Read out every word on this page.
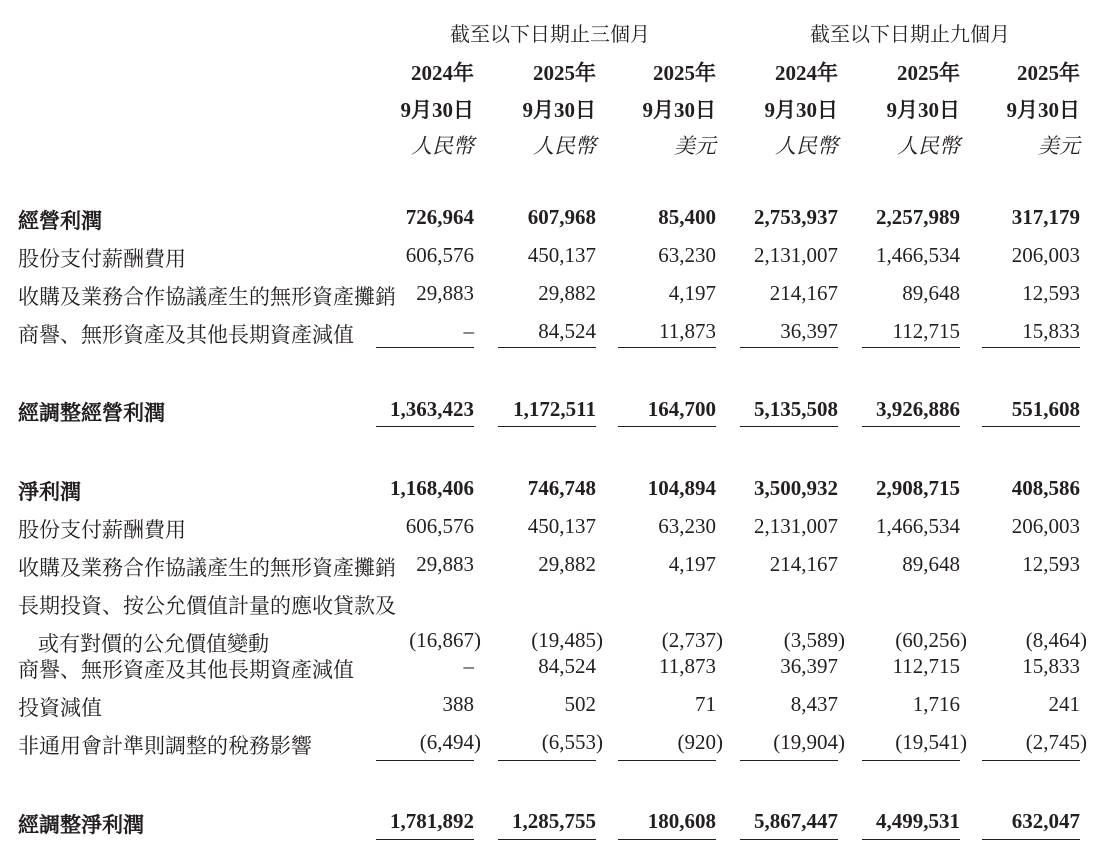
截至以下日期止三個月	截至以下日期止九個月
2024年	2025年	2025年	2024年	2025年	2025年
9月30日	9月30日	9月30日	9月30日	9月30日	9月30日
人民幣	人民幣	美元	人民幣	人民幣	美元
經營利潤	726,964	607,968	85,400	2,753,937	2,257,989	317,179
股份支付薪酬費用	606,576	450,137	63,230	2,131,007	1,466,534	206,003
收購及業務合作協議產生的無形資產攤銷 29,883	29,882	4,197	214,167	89,648	12,593
商譽、無形資產及其他長期資產減值	–	84,524	11,873	36,397	112,715	15,833
經調整經營利潤	1,363,423	1,172,511	164,700	5,135,508	3,926,886	551,608
淨利潤	1,168,406	746,748	104,894	3,500,932	2,908,715	408,586
股份支付薪酬費用	606,576	450,137	63,230	2,131,007	1,466,534	206,003
收購及業務合作協議產生的無形資產攤銷 29,883	29,882	4,197	214,167	89,648	12,593
長期投資、按公允價值計量的應收貸款及
或有對價的公允價值變動	(16,867)	(19,485)	(2,737)	(3,589)	(60,256)	(8,464)
商譽、無形資產及其他長期資產減值	–	84,524	11,873	36,397	112,715	15,833
投資減值	388	502	71	8,437	1,716	241
非通用會計準則調整的稅務影響	(6,494)	(6,553)	(920)	(19,904)	(19,541)	(2,745)
經調整淨利潤	1,781,892	1,285,755	180,608	5,867,447	4,499,531	632,047
